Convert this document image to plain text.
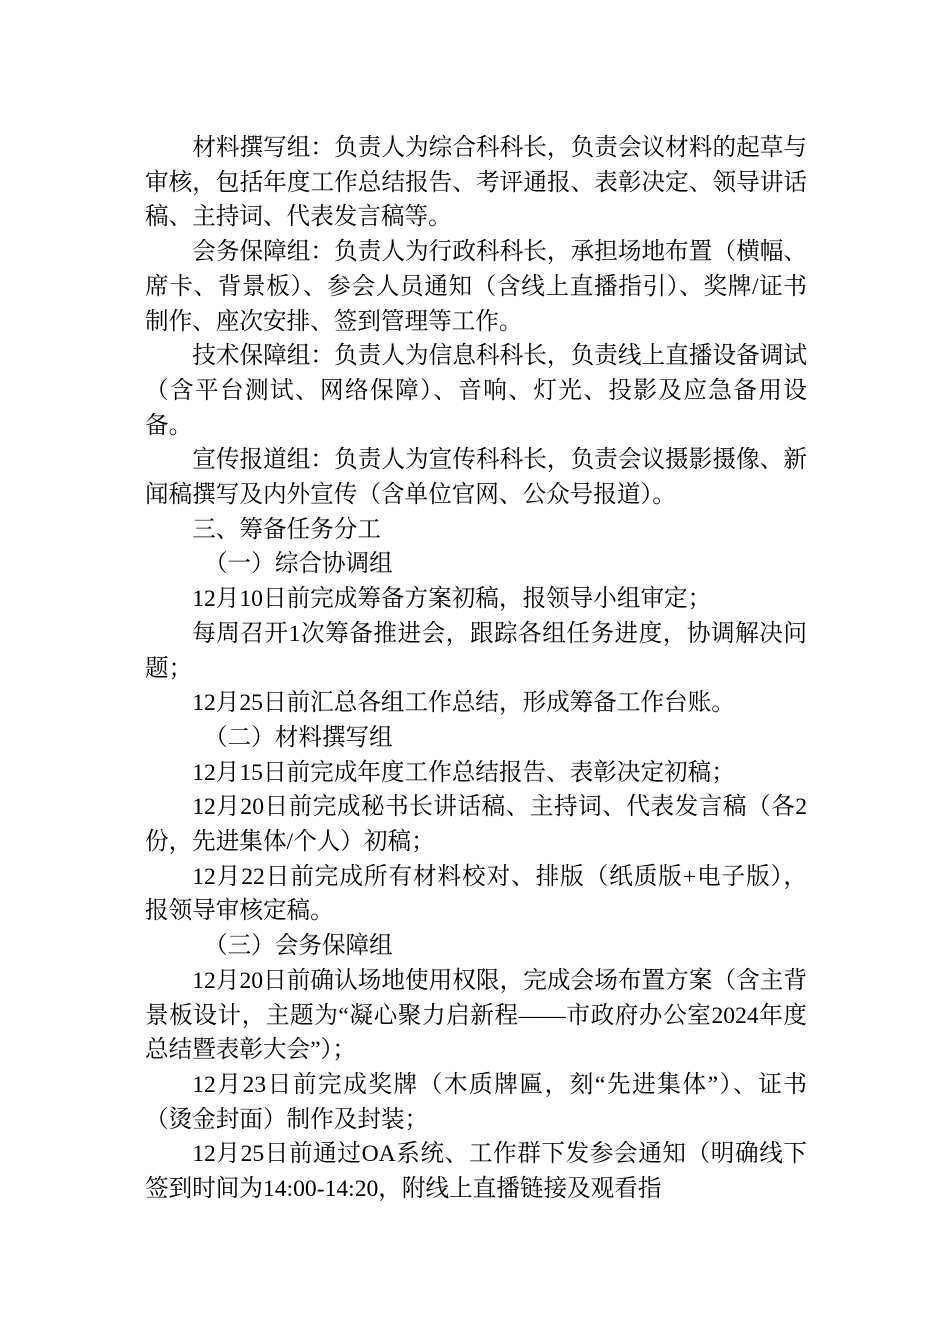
材料撰写组：负责人为综合科科长，负责会议材料的起草与审核，包括年度工作总结报告、考评通报、表彰决定、领导讲话稿、主持词、代表发言稿等。

会务保障组：负责人为行政科科长，承担场地布置（横幅、席卡、背景板）、参会人员通知（含线上直播指引）、奖牌/证书制作、座次安排、签到管理等工作。

技术保障组：负责人为信息科科长，负责线上直播设备调试（含平台测试、网络保障）、音响、灯光、投影及应急备用设备。

宣传报道组：负责人为宣传科科长，负责会议摄影摄像、新闻稿撰写及内外宣传（含单位官网、公众号报道）。

三、筹备任务分工

（一）综合协调组

12月10日前完成筹备方案初稿，报领导小组审定；

每周召开1次筹备推进会，跟踪各组任务进度，协调解决问题；

12月25日前汇总各组工作总结，形成筹备工作台账。

（二）材料撰写组

12月15日前完成年度工作总结报告、表彰决定初稿；

12月20日前完成秘书长讲话稿、主持词、代表发言稿（各2份，先进集体/个人）初稿；

12月22日前完成所有材料校对、排版（纸质版+电子版），报领导审核定稿。

（三）会务保障组

12月20日前确认场地使用权限，完成会场布置方案（含主背景板设计，主题为“凝心聚力启新程——市政府办公室2024年度总结暨表彰大会”）；

12月23日前完成奖牌（木质牌匾，刻“先进集体”）、证书（烫金封面）制作及封装；

12月25日前通过OA系统、工作群下发参会通知（明确线下签到时间为14:00-14:20，附线上直播链接及观看指
